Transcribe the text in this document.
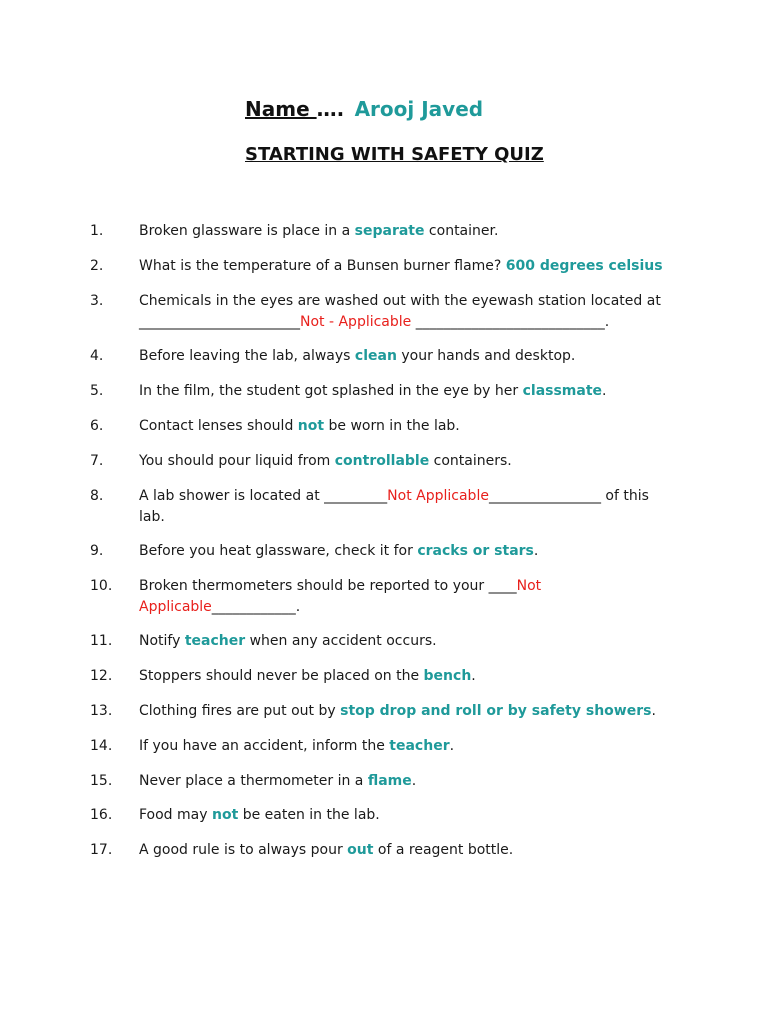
Name …. Arooj Javed
STARTING WITH SAFETY QUIZ
1.	Broken glassware is place in a separate container.
2.	What is the temperature of a Bunsen burner flame? 600 degrees celsius
3.	Chemicals in the eyes are washed out with the eyewash station located at _______________________Not - Applicable ___________________________.
4.	Before leaving the lab, always clean your hands and desktop.
5.	In the film, the student got splashed in the eye by her classmate.
6.	Contact lenses should not be worn in the lab.
7.	You should pour liquid from controllable containers.
8.	A lab shower is located at _________Not Applicable________________ of this lab.
9.	Before you heat glassware, check it for cracks or stars.
10. Broken thermometers should be reported to your ____Not Applicable____________.
11. Notify teacher when any accident occurs.
12. Stoppers should never be placed on the bench.
13. Clothing fires are put out by stop drop and roll or by safety showers.
14. If you have an accident, inform the teacher.
15. Never place a thermometer in a flame.
16. Food may not be eaten in the lab.
17. A good rule is to always pour out of a reagent bottle.
